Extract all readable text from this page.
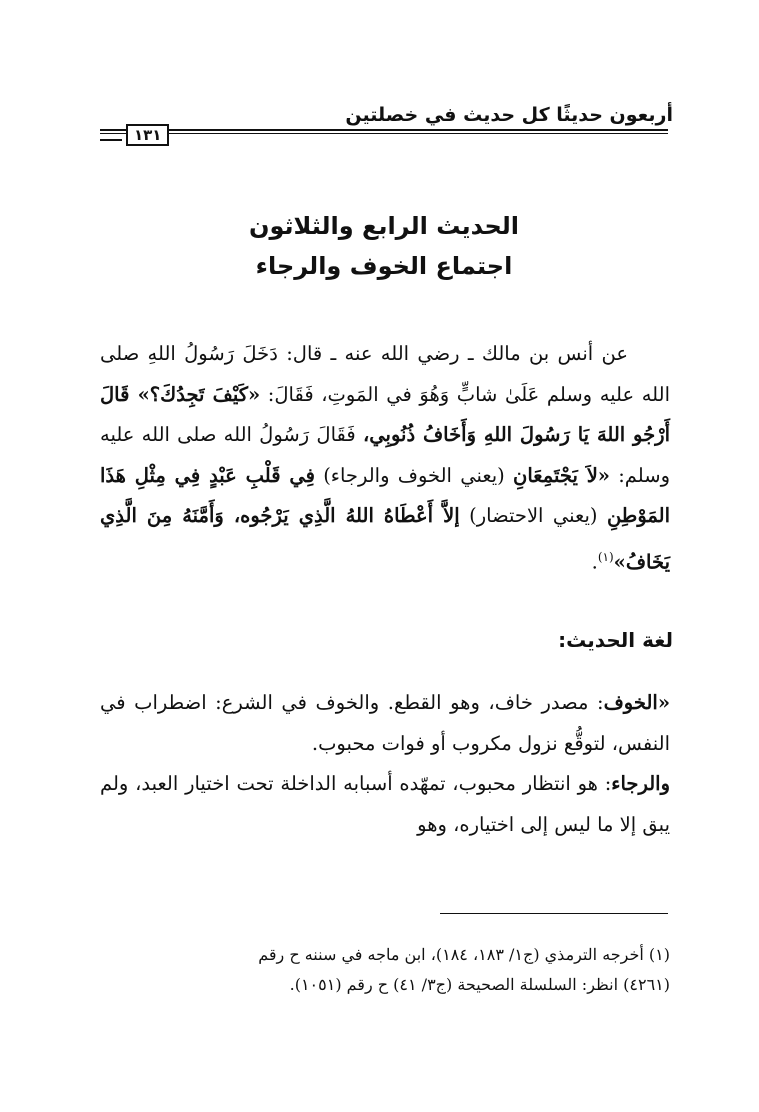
أربعون حديثًا كل حديث في خصلتين
١٣١
الحديث الرابع والثلاثون
اجتماع الخوف والرجاء

عن أنس بن مالك ـ رضي الله عنه ـ قال: دَخَلَ رَسُولُ اللهِ صلى الله عليه وسلم عَلَىٰ شابٍّ وَهُوَ في المَوتِ، فَقَالَ: «كَيْفَ تَجِدُكَ؟» قَالَ أَرْجُو اللهَ يَا رَسُولَ اللهِ وَأَخَافُ ذُنُوبِي، فَقَالَ رَسُولُ الله صلى الله عليه وسلم: «لاَ يَجْتَمِعَانِ (يعني الخوف والرجاء) فِي قَلْبِ عَبْدٍ فِي مِثْلِ هَذَا المَوْطِنِ (يعني الاحتضار) إلاَّ أَعْطَاهُ اللهُ الَّذِي يَرْجُوه، وَأَمَّنَهُ مِنَ الَّذِي يَخَافُ»$^{(١)}$.

لغة الحديث:

«الخوف: مصدر خاف، وهو القطع. والخوف في الشرع: اضطراب في النفس، لتوقُّع نزول مكروب أو فوات محبوب.

والرجاء: هو انتظار محبوب، تمهّده أسبابه الداخلة تحت اختيار العبد، ولم يبق إلا ما ليس إلى اختياره، وهو

(١) أخرجه الترمذي (ج١/ ١٨٣، ١٨٤)، ابن ماجه في سننه ح رقم

(٤٢٦١) انظر: السلسلة الصحيحة (ج٣/ ٤١) ح رقم (١٠٥١).
